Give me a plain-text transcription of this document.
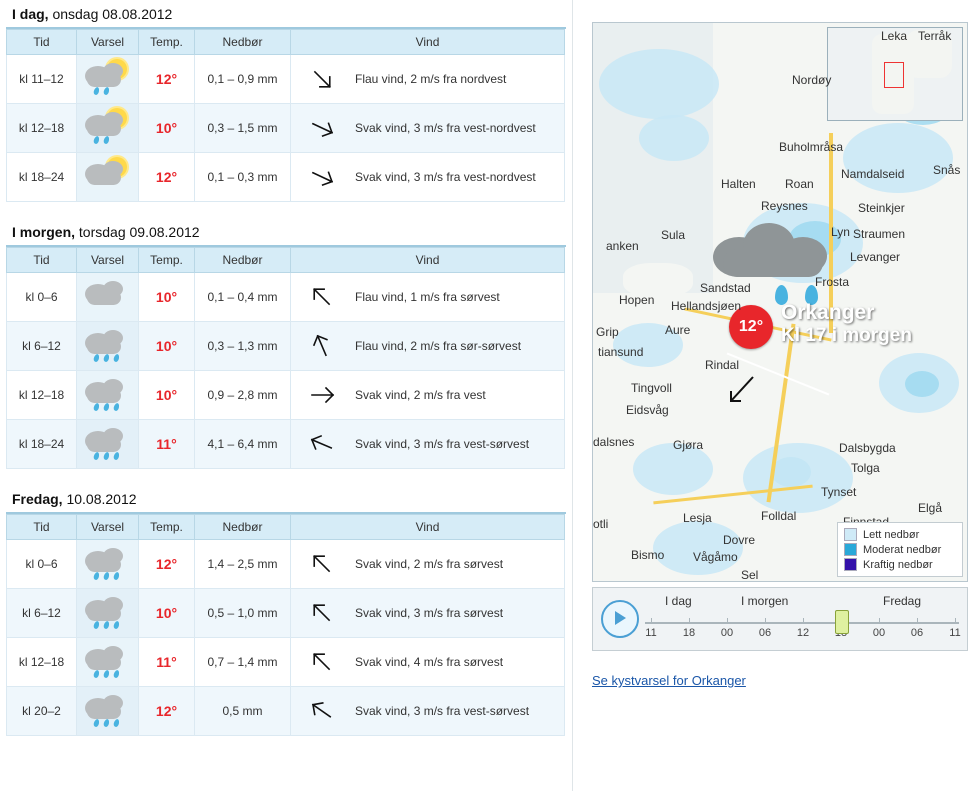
I dag, onsdag 08.08.2012
Tid	Varsel	Temp.	Nedbør	Vind
kl 11–12		12°	0,1 – 0,9 mm	Flau vind, 2 m/s fra nordvest

kl 12–18		10°	0,3 – 1,5 mm	Svak vind, 3 m/s fra vest-nordvest

kl 18–24		12°	0,1 – 0,3 mm	Svak vind, 3 m/s fra vest-nordvest
I morgen, torsdag 09.08.2012
Tid	Varsel	Temp.	Nedbør	Vind
kl 0–6		10°	0,1 – 0,4 mm	Flau vind, 1 m/s fra sørvest

kl 6–12		10°	0,3 – 1,3 mm	Flau vind, 2 m/s fra sør-sørvest

kl 12–18		10°	0,9 – 2,8 mm	Svak vind, 2 m/s fra vest

kl 18–24		11°	4,1 – 6,4 mm	Svak vind, 3 m/s fra vest-sørvest
Fredag, 10.08.2012
Tid	Varsel	Temp.	Nedbør	Vind
kl 0–6		12°	1,4 – 2,5 mm	Svak vind, 2 m/s fra sørvest

kl 6–12		10°	0,5 – 1,0 mm	Svak vind, 3 m/s fra sørvest

kl 12–18		11°	0,7 – 1,4 mm	Svak vind, 4 m/s fra sørvest

kl 20–2		12°	0,5 mm	Svak vind, 3 m/s fra vest-sørvest
12°
Orkanger
Kl 17 i morgen
Leka Terråk
Nordøy
Buholmråsa
Namdalseid
Halten Roan
Snås
Reysnes	Steinkjer
Sula	Lyn Straumen
anken
Levanger
Sandstad	Frosta
Hopen Hellandsjøen
Grip	Aure
tiansund
Rindal
Tingvoll
Eidsvåg
dalsnes	Gjøra	Dalsbygda
Tolga
Tynset
Lesja	Folldal
Elgå
otli
Dovre
Bismo Vågåmo
Sel
Lett nedbør
Moderat nedbør
Kraftig nedbør
I dag	I morgen	Fredag
11 18 00 06 12	00 06 11
Se kystvarsel for Orkanger
